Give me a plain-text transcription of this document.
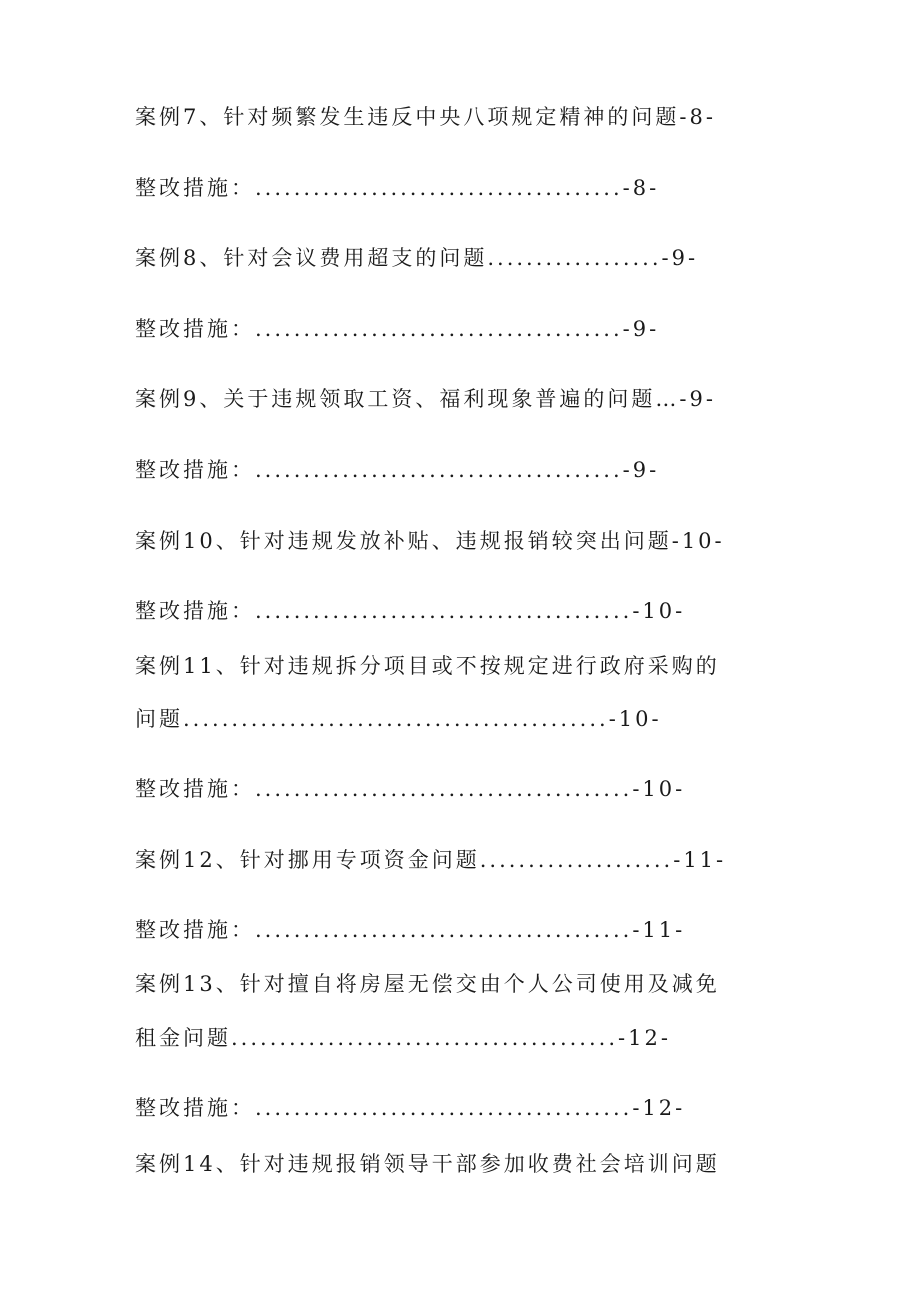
案例7、针对频繁发生违反中央八项规定精神的问题-8-
整改措施：......................................-8-
案例8、针对会议费用超支的问题..................-9-
整改措施：......................................-9-
案例9、关于违规领取工资、福利现象普遍的问题…-9-
整改措施：......................................-9-
案例10、针对违规发放补贴、违规报销较突出问题-10-
整改措施：.......................................-10-
案例11、针对违规拆分项目或不按规定进行政府采购的
问题............................................-10-
整改措施：.......................................-10-
案例12、针对挪用专项资金问题....................-11-
整改措施：.......................................-11-
案例13、针对擅自将房屋无偿交由个人公司使用及减免
租金问题........................................-12-
整改措施：.......................................-12-
案例14、针对违规报销领导干部参加收费社会培训问题
